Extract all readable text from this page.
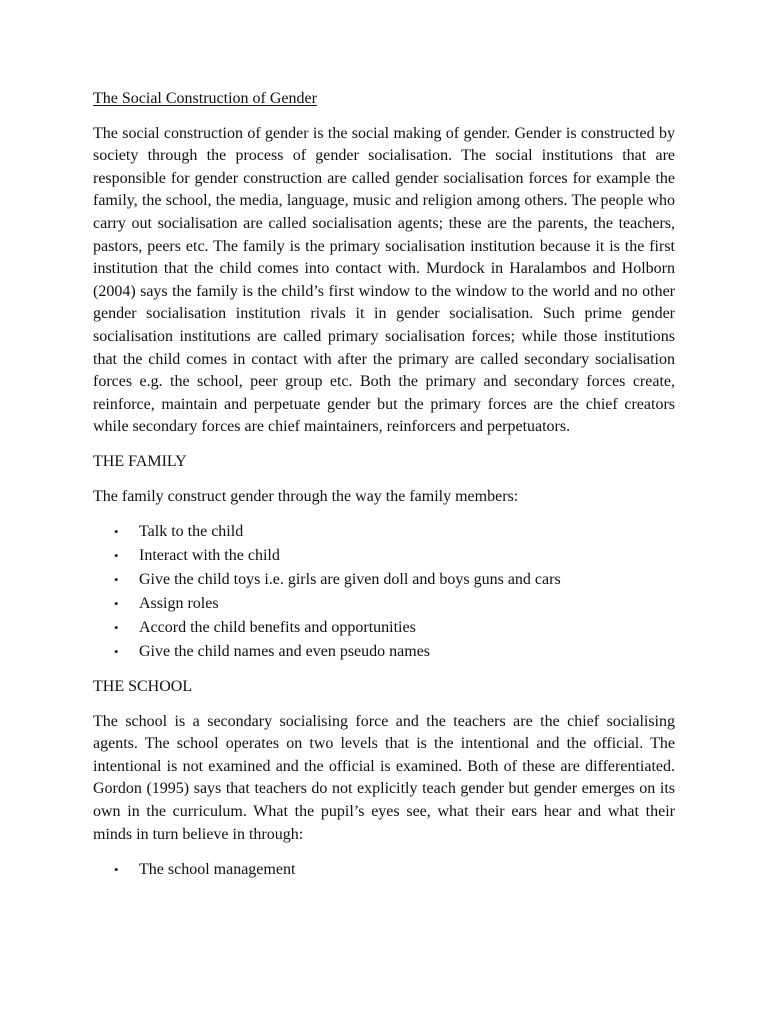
The Social Construction of Gender

The social construction of gender is the social making of gender. Gender is constructed by society through the process of gender socialisation. The social institutions that are responsible for gender construction are called gender socialisation forces for example the family, the school, the media, language, music and religion among others. The people who carry out socialisation are called socialisation agents; these are the parents, the teachers, pastors, peers etc. The family is the primary socialisation institution because it is the first institution that the child comes into contact with. Murdock in Haralambos and Holborn (2004) says the family is the child’s first window to the window to the world and no other gender socialisation institution rivals it in gender socialisation. Such prime gender socialisation institutions are called primary socialisation forces; while those institutions that the child comes in contact with after the primary are called secondary socialisation forces e.g. the school, peer group etc. Both the primary and secondary forces create, reinforce, maintain and perpetuate gender but the primary forces are the chief creators while secondary forces are chief maintainers, reinforcers and perpetuators.

THE FAMILY

The family construct gender through the way the family members:

• Talk to the child
• Interact with the child
• Give the child toys i.e. girls are given doll and boys guns and cars
• Assign roles
• Accord the child benefits and opportunities
• Give the child names and even pseudo names
THE SCHOOL

The school is a secondary socialising force and the teachers are the chief socialising agents. The school operates on two levels that is the intentional and the official. The intentional is not examined and the official is examined. Both of these are differentiated. Gordon (1995) says that teachers do not explicitly teach gender but gender emerges on its own in the curriculum. What the pupil’s eyes see, what their ears hear and what their minds in turn believe in through:

• The school management
